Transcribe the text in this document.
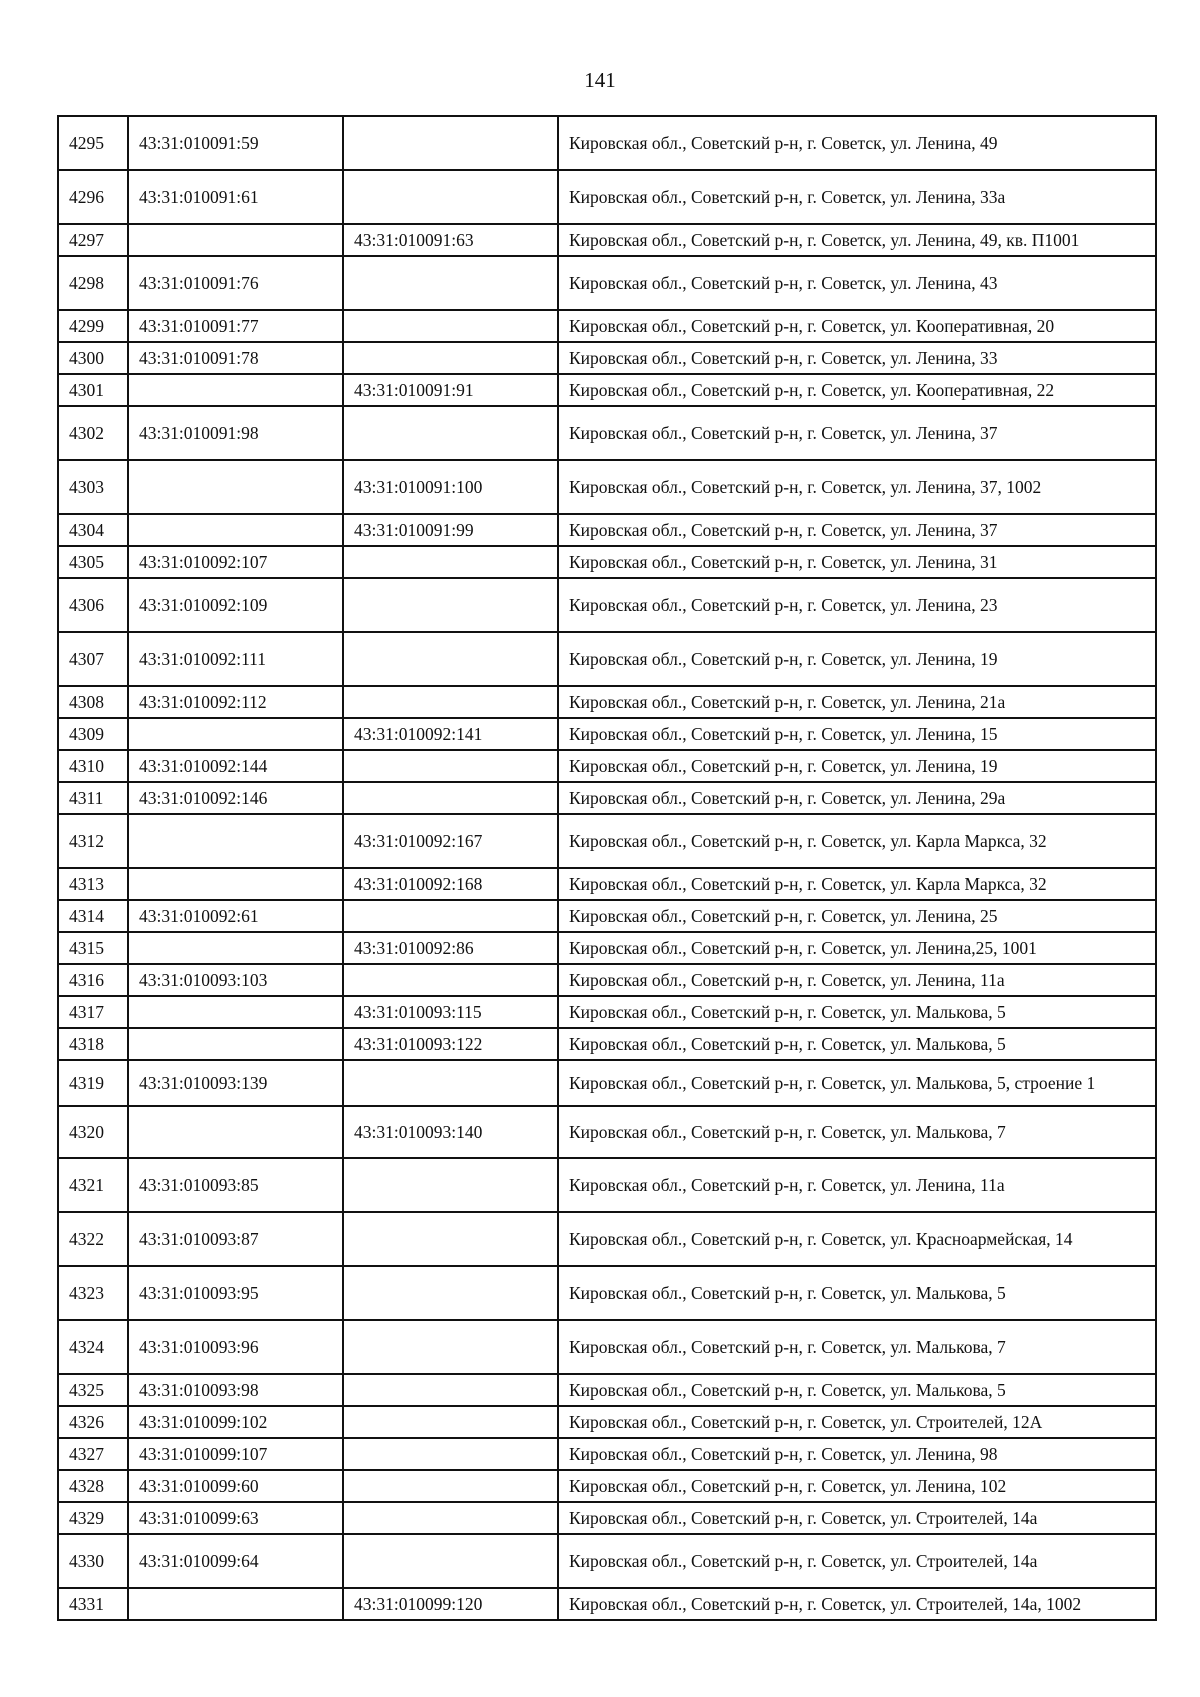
141
4295	43:31:010091:59		Кировская обл., Советский р-н, г. Советск, ул. Ленина, 49
4296	43:31:010091:61		Кировская обл., Советский р-н, г. Советск, ул. Ленина, 33а
4297		43:31:010091:63	Кировская обл., Советский р-н, г. Советск, ул. Ленина, 49, кв. П1001
4298	43:31:010091:76		Кировская обл., Советский р-н, г. Советск, ул. Ленина, 43
4299	43:31:010091:77		Кировская обл., Советский р-н, г. Советск, ул. Кооперативная, 20
4300	43:31:010091:78		Кировская обл., Советский р-н, г. Советск, ул. Ленина, 33
4301		43:31:010091:91	Кировская обл., Советский р-н, г. Советск, ул. Кооперативная, 22
4302	43:31:010091:98		Кировская обл., Советский р-н, г. Советск, ул. Ленина, 37
4303		43:31:010091:100	Кировская обл., Советский р-н, г. Советск, ул. Ленина, 37, 1002
4304		43:31:010091:99	Кировская обл., Советский р-н, г. Советск, ул. Ленина, 37
4305	43:31:010092:107		Кировская обл., Советский р-н, г. Советск, ул. Ленина, 31
4306	43:31:010092:109		Кировская обл., Советский р-н, г. Советск, ул. Ленина, 23
4307	43:31:010092:111		Кировская обл., Советский р-н, г. Советск, ул. Ленина, 19
4308	43:31:010092:112		Кировская обл., Советский р-н, г. Советск, ул. Ленина, 21а
4309		43:31:010092:141	Кировская обл., Советский р-н, г. Советск, ул. Ленина, 15
4310	43:31:010092:144		Кировская обл., Советский р-н, г. Советск, ул. Ленина, 19
4311	43:31:010092:146		Кировская обл., Советский р-н, г. Советск, ул. Ленина, 29а
4312		43:31:010092:167	Кировская обл., Советский р-н, г. Советск, ул. Карла Маркса, 32
4313		43:31:010092:168	Кировская обл., Советский р-н, г. Советск, ул. Карла Маркса, 32
4314	43:31:010092:61		Кировская обл., Советский р-н, г. Советск, ул. Ленина, 25
4315		43:31:010092:86	Кировская обл., Советский р-н, г. Советск, ул. Ленина,25, 1001
4316	43:31:010093:103		Кировская обл., Советский р-н, г. Советск, ул. Ленина, 11а
4317		43:31:010093:115	Кировская обл., Советский р-н, г. Советск, ул. Малькова, 5
4318		43:31:010093:122	Кировская обл., Советский р-н, г. Советск, ул. Малькова, 5
4319	43:31:010093:139		Кировская обл., Советский р-н, г. Советск, ул. Малькова, 5, строение 1
4320		43:31:010093:140	Кировская обл., Советский р-н, г. Советск, ул. Малькова, 7
4321	43:31:010093:85		Кировская обл., Советский р-н, г. Советск, ул. Ленина, 11а
4322	43:31:010093:87		Кировская обл., Советский р-н, г. Советск, ул. Красноармейская, 14
4323	43:31:010093:95		Кировская обл., Советский р-н, г. Советск, ул. Малькова, 5
4324	43:31:010093:96		Кировская обл., Советский р-н, г. Советск, ул. Малькова, 7
4325	43:31:010093:98		Кировская обл., Советский р-н, г. Советск, ул. Малькова, 5
4326	43:31:010099:102		Кировская обл., Советский р-н, г. Советск, ул. Строителей, 12А
4327	43:31:010099:107		Кировская обл., Советский р-н, г. Советск, ул. Ленина, 98
4328	43:31:010099:60		Кировская обл., Советский р-н, г. Советск, ул. Ленина, 102
4329	43:31:010099:63		Кировская обл., Советский р-н, г. Советск, ул. Строителей, 14а
4330	43:31:010099:64		Кировская обл., Советский р-н, г. Советск, ул. Строителей, 14а
4331		43:31:010099:120	Кировская обл., Советский р-н, г. Советск, ул. Строителей, 14а, 1002
